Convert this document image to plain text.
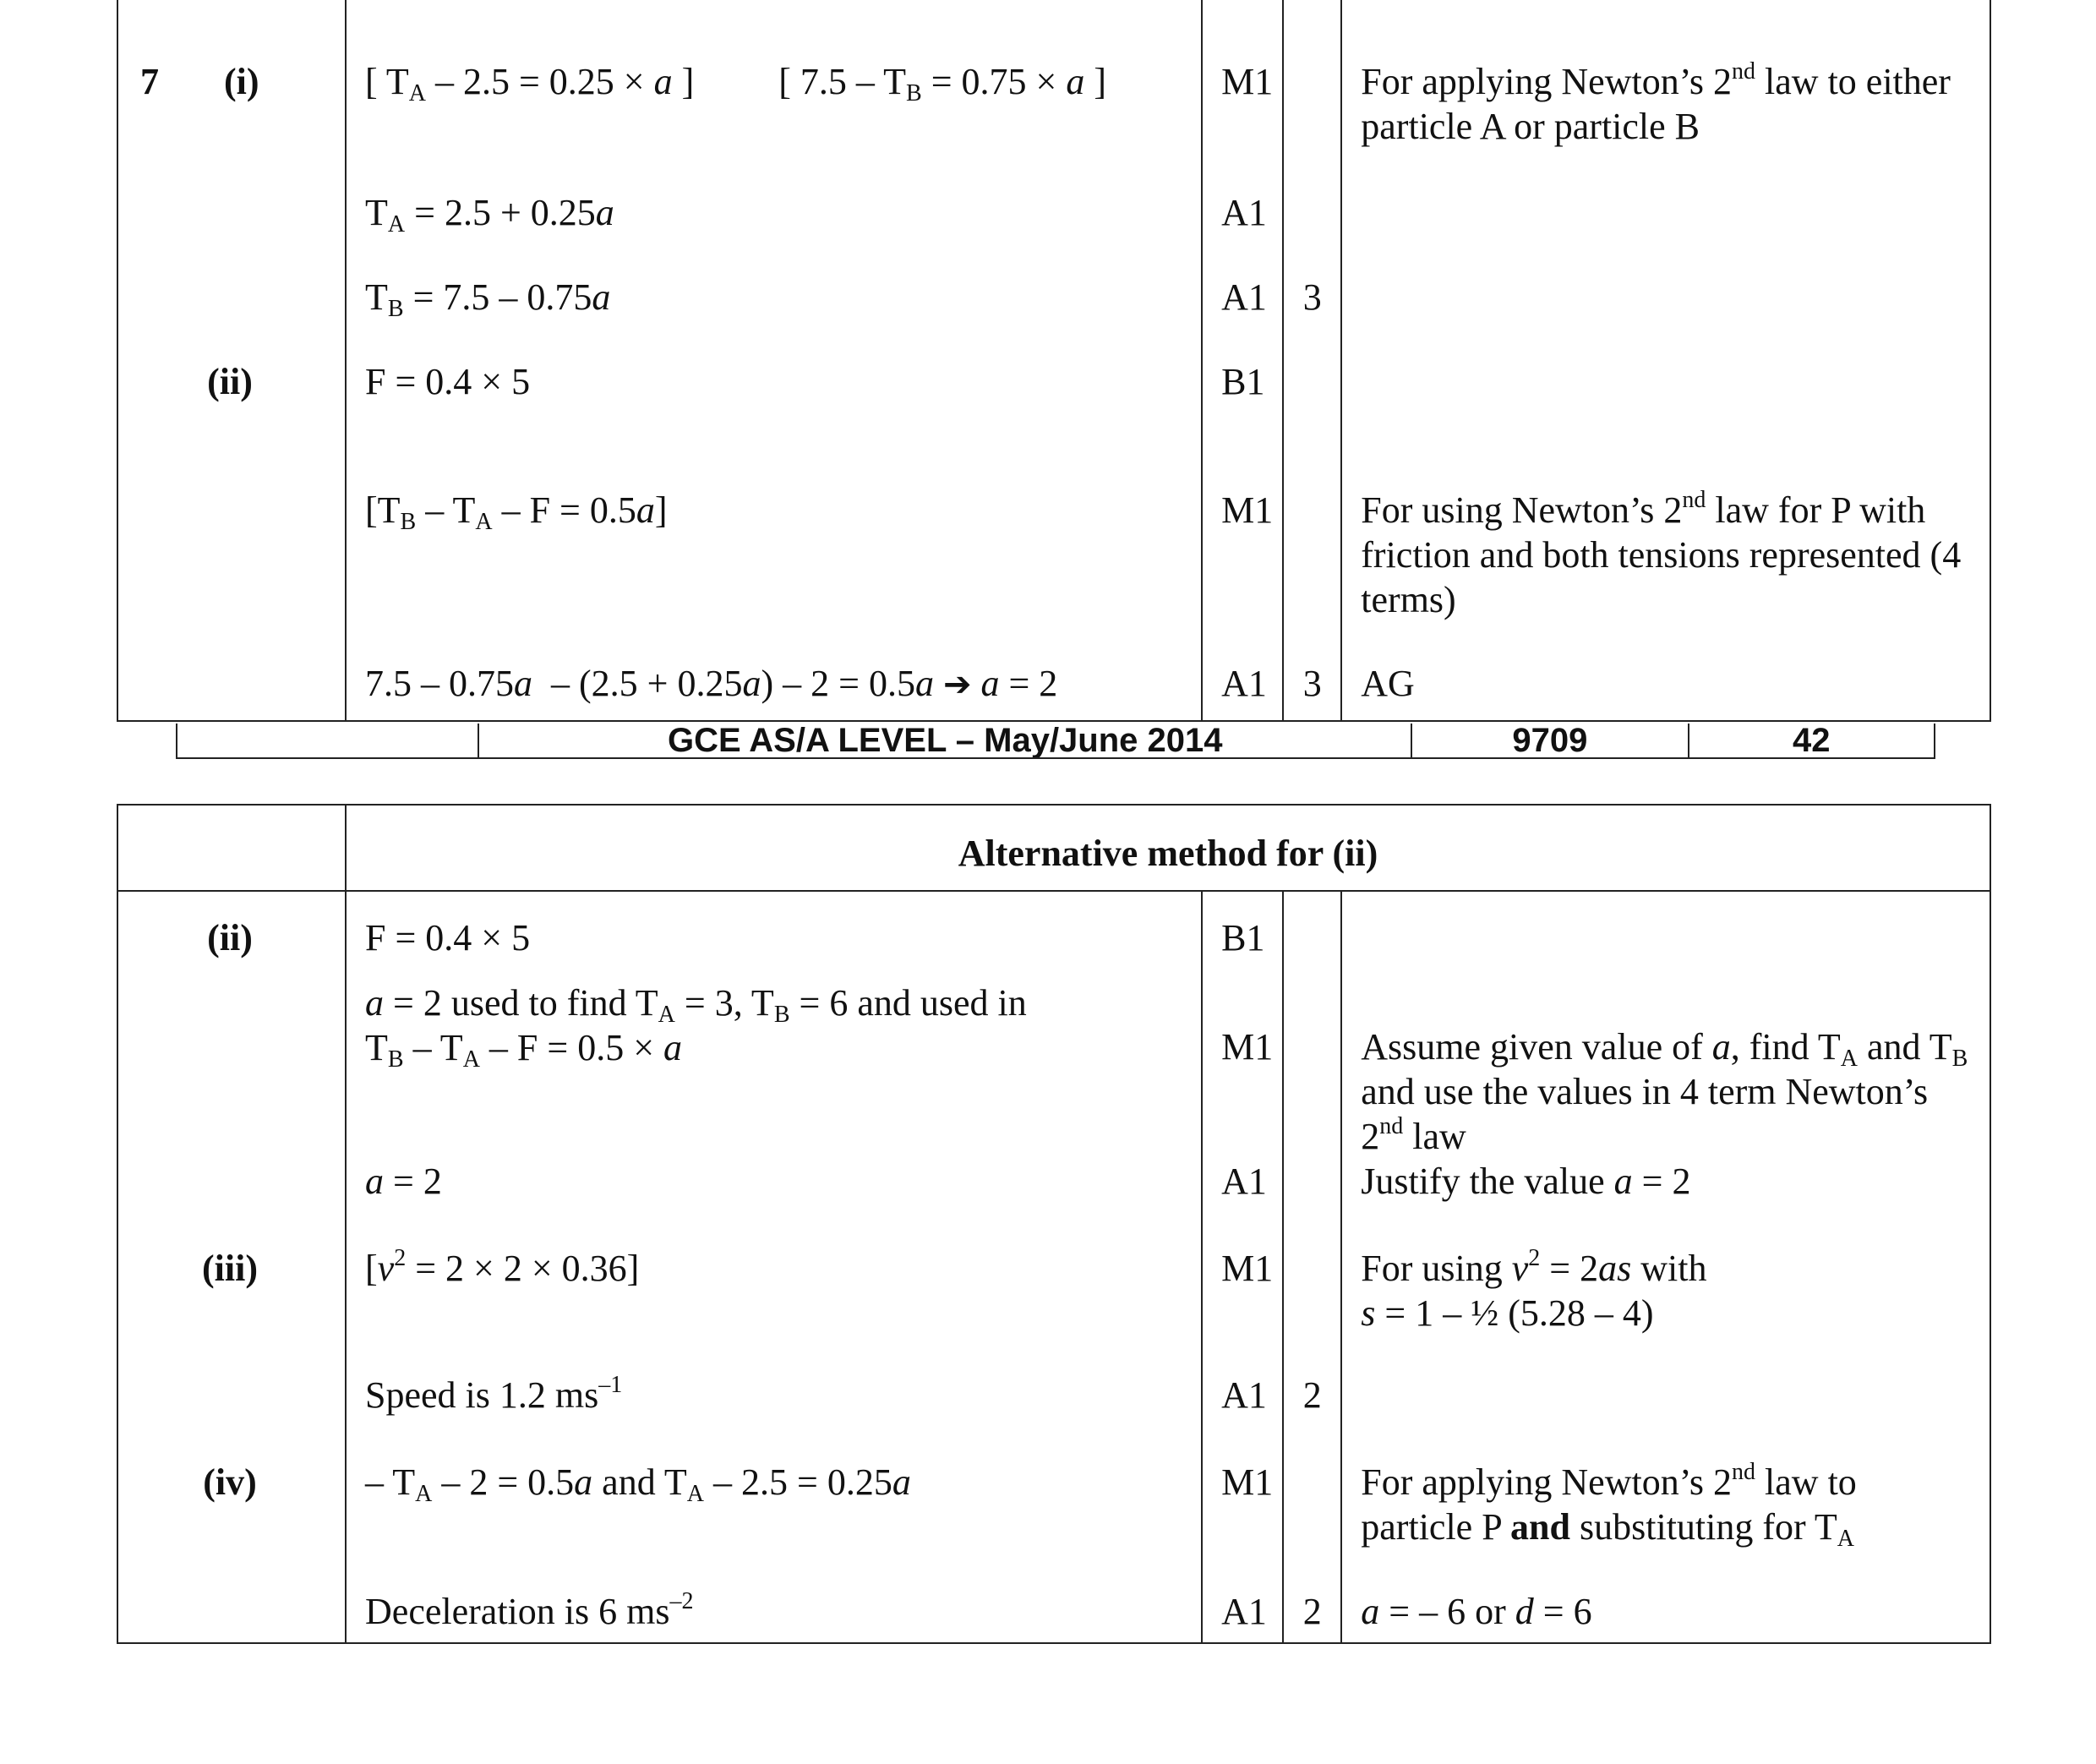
7 (i)	[ $T_A - 2.5 = 0.25 \times a$ ] [ $7.5 - T_B = 0.75 \times a$ ]	M1		For applying Newton’s 2nd law to either particle A or particle B
	$T_A = 2.5 + 0.25a$	A1		
	$T_B = 7.5 - 0.75a$	A1	3	
(ii)	F = 0.4 × 5	B1		
	$[T_B - T_A - F = 0.5a]$	M1		For using Newton’s 2nd law for P with friction and both tensions represented (4 terms)
	7.5 – 0.75a  – (2.5 + 0.25a) – 2 = 0.5a ➔ a = 2	A1	3	AG
GCE AS/A LEVEL – May/June 2014	9709	42
	Alternative method for (ii)			
(ii)	F = 0.4 × 5	B1		
	a = 2 used to find $T_A = 3$, $T_B = 6$ and used in
$T_B - T_A - F = 0.5 \times a$	M1		Assume given value of a, find $T_A$ and $T_B$ and use the values in 4 term Newton’s 2nd law
	a = 2	A1		Justify the value a = 2
(iii)	$[v^2 = 2 \times 2 \times 0.36]$	M1		For using $v^2 = 2as$ with
s = 1 – ½ (5.28 – 4)
	Speed is 1.2 $ms^{-1}$	A1	2	
(iv)	– $T_A - 2 = 0.5a$ and $T_A - 2.5 = 0.25a$	M1		For applying Newton’s 2nd law to particle P and substituting for $T_A$
	Deceleration is 6 $ms^{-2}$	A1	2	a = – 6 or d = 6
